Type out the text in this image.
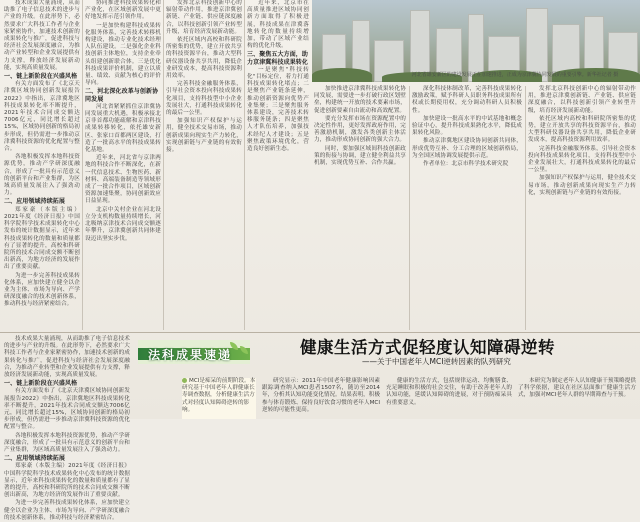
技术成果大量涌现，从而助推了电子信息技术的进步与产业的升级。在此形势下，必然要求广大科技工作者与企业家紧密协作，加速技术创新的成果转化与推广，促进科技与经济社会发展深度融合，为推动产业转型和企业发展提供有力支撑，释放经济发展新动能，实现高质量发展。

一、链上新阶段在兴盛风格

有关方面发布了《北京天津冀区域协同创新发展报告2022》中指出，京津冀地区科技成果转化率不断提升，2021年技术合同成交额达7006亿元，同比增长超过15%，区域协同创新的格局初步形成，但仍需进一步推动京津冀科技资源的优化配置与整合。

各地积极发挥本地科技资源优势，推动产学研深度融合，形成了一批具有示范意义的创新平台和产业集群，为区域高质量发展注入了强劲动力。

二、应用领域持续拓展

郑家豪（本版主编）2021年度《经济日报》中国科学院科学技术成果转化中心发布的统计数据显示，近年来科技成果转化的数量和质量都有了显著的提升，高校和科研院所的技术合同成交额不断创出新高，为地方经济的发展作出了重要贡献。

为进一步完善科技成果转化体系，应加快建立健全以企业为主体、市场为导向、产学研深度融合的技术创新体系，推动科技与经济紧密结合。

协同推进科技成果转化和产业化，在区域创新发展中更好地发挥示范引领作用。

一是加快构建科技成果转化服务体系，完善技术转移机构建设，推动专业化技术经理人队伍建设。二是强化企业科技创新主体地位，支持企业牵头组建创新联合体。三是优化科技成果评价机制，建立以质量、绩效、贡献为核心的评价导向。

二、河北深化改革与创新协同发展

河北省紧紧抓住京津冀协同发展重大机遇，积极承接北京非首都功能疏解和京津科技成果转移转化，依托雄安新区、张家口首都两区建设，打造了一批高水平的科技成果转化基地。

近年来，河北省与京津两地的科技合作不断深化，在新一代信息技术、生物医药、新材料、高端装备制造等领域形成了一批合作项目，区域创新资源加速集聚，协同创新效应日益显现。

北京中关村企业在河北设立分支机构数量持续增长，河北吸纳京津技术合同成交额逐年攀升，京津冀创新共同体建设迈出坚实步伐。

发挥北京科技创新中心的辐射带动作用，推进京津冀创新链、产业链、供应链深度融合，以科技创新引领产业转型升级，培育经济发展新动能。

依托区域内高校和科研院所密集的优势，建立开放共享的科技资源平台，推动大型科研仪器设备共享共用，降低企业研发成本，提高科技资源利用效率。

完善科技金融服务体系，引导社会资本投向科技成果转化项目，支持科技型中小企业发展壮大，打通科技成果转化的最后一公里。

加强知识产权保护与运用，健全技术交易市场，推动创新成果向现实生产力转化，实现创新链与产业链的有效衔接。

近年来，北京市在高质量推进区域协同创新方面取得了积极进展，科技成果在津冀落地转化的数量持续增加，带动了区域产业结构的优化升级。

三、聚焦五大方面，助力京津冀科技成果转化

一是聚焦"科技转化"目标定位，着力打通科技成果转化堵点；二是聚焦产业链条延伸，推动创新资源向优势产业集聚；三是聚焦服务体系建设，完善技术转移服务链条；四是聚焦人才队伍培养，加强技术经纪人才建设；五是聚焦政策环境优化，营造良好创新生态。

河北省雄安新区的建设发展正在加速推进，正成为京津冀协同发展的重要引擎。新华社记者 摄

加快推进京津冀科技成果转化协同发展，需要进一步打破行政区划壁垒，构建统一开放的技术要素市场，促进创新要素自由流动和高效配置。

要充分发挥市场在资源配置中的决定性作用，更好发挥政府作用，完善激励机制，激发各类创新主体活力，推动形成协同创新的强大合力。

同时，要加强区域间科技创新政策的衔接与协调，建立健全利益共享机制，实现优势互补、合作共赢。

深化科技体制改革，完善科技成果转化激励政策，赋予科研人员职务科技成果所有权或长期使用权，充分调动科研人员积极性。

加快建设一批高水平的中试基地和概念验证中心，提升科技成果熟化水平，降低成果转化风险。

推动京津冀地区建设协同创新共同体，形成优势互补、分工合理的区域创新格局，为全国区域协调发展提供示范。

作者单位：北京市科学技术研究院

发挥北京科技创新中心的辐射带动作用，推进京津冀创新链、产业链、供应链深度融合，以科技创新引领产业转型升级，培育经济发展新动能。

依托区域内高校和科研院所密集的优势，建立开放共享的科技资源平台，推动大型科研仪器设备共享共用，降低企业研发成本，提高科技资源利用效率。

完善科技金融服务体系，引导社会资本投向科技成果转化项目，支持科技型中小企业发展壮大，打通科技成果转化的最后一公里。

加强知识产权保护与运用，健全技术交易市场，推动创新成果向现实生产力转化，实现创新链与产业链的有效衔接。

技术成果大量涌现，从而助推了电子信息技术的进步与产业的升级。在此形势下，必然要求广大科技工作者与企业家紧密协作，加速技术创新的成果转化与推广，促进科技与经济社会发展深度融合，为推动产业转型和企业发展提供有力支撑，释放经济发展新动能，实现高质量发展。

一、链上新阶段在兴盛风格

有关方面发布了《北京天津冀区域协同创新发展报告2022》中指出，京津冀地区科技成果转化率不断提升，2021年技术合同成交额达7006亿元，同比增长超过15%，区域协同创新的格局初步形成，但仍需进一步推动京津冀科技资源的优化配置与整合。

各地积极发挥本地科技资源优势，推动产学研深度融合，形成了一批具有示范意义的创新平台和产业集群，为区域高质量发展注入了强劲动力。

二、应用领域持续拓展

郑家豪（本版主编）2021年度《经济日报》中国科学院科学技术成果转化中心发布的统计数据显示，近年来科技成果转化的数量和质量都有了显著的提升，高校和科研院所的技术合同成交额不断创出新高，为地方经济的发展作出了重要贡献。

为进一步完善科技成果转化体系，应加快建立健全以企业为主体、市场为导向、产学研深度融合的技术创新体系，推动科技与经济紧密结合。

法科成果速递	健康生活方式促轻度认知障碍逆转
——关于中国老年人MCI逆转因素的队列研究
MCI是痴呆的前期阶段。本研究基于中国老年人群健康长寿调查数据，分析健康生活方式对轻度认知障碍逆转的影响。

研究显示：2011年中国老年健康影响因素跟踪调查纳入MCI患者1507名，随访至2014年，分析其认知功能变化情况。结果表明，积极参与体育锻炼、保持良好饮食习惯的老年人MCI逆转的可能性更高。

健康的生活方式，包括规律运动、均衡膳食、充足睡眠和积极的社会交往，有助于改善老年人的认知功能，延缓认知障碍的进展，对于预防痴呆具有重要意义。

本研究为制定老年人认知健康干预策略提供了科学依据，建议在社区层面推广健康生活方式，加强对MCI老年人群的早期筛查与干预。
